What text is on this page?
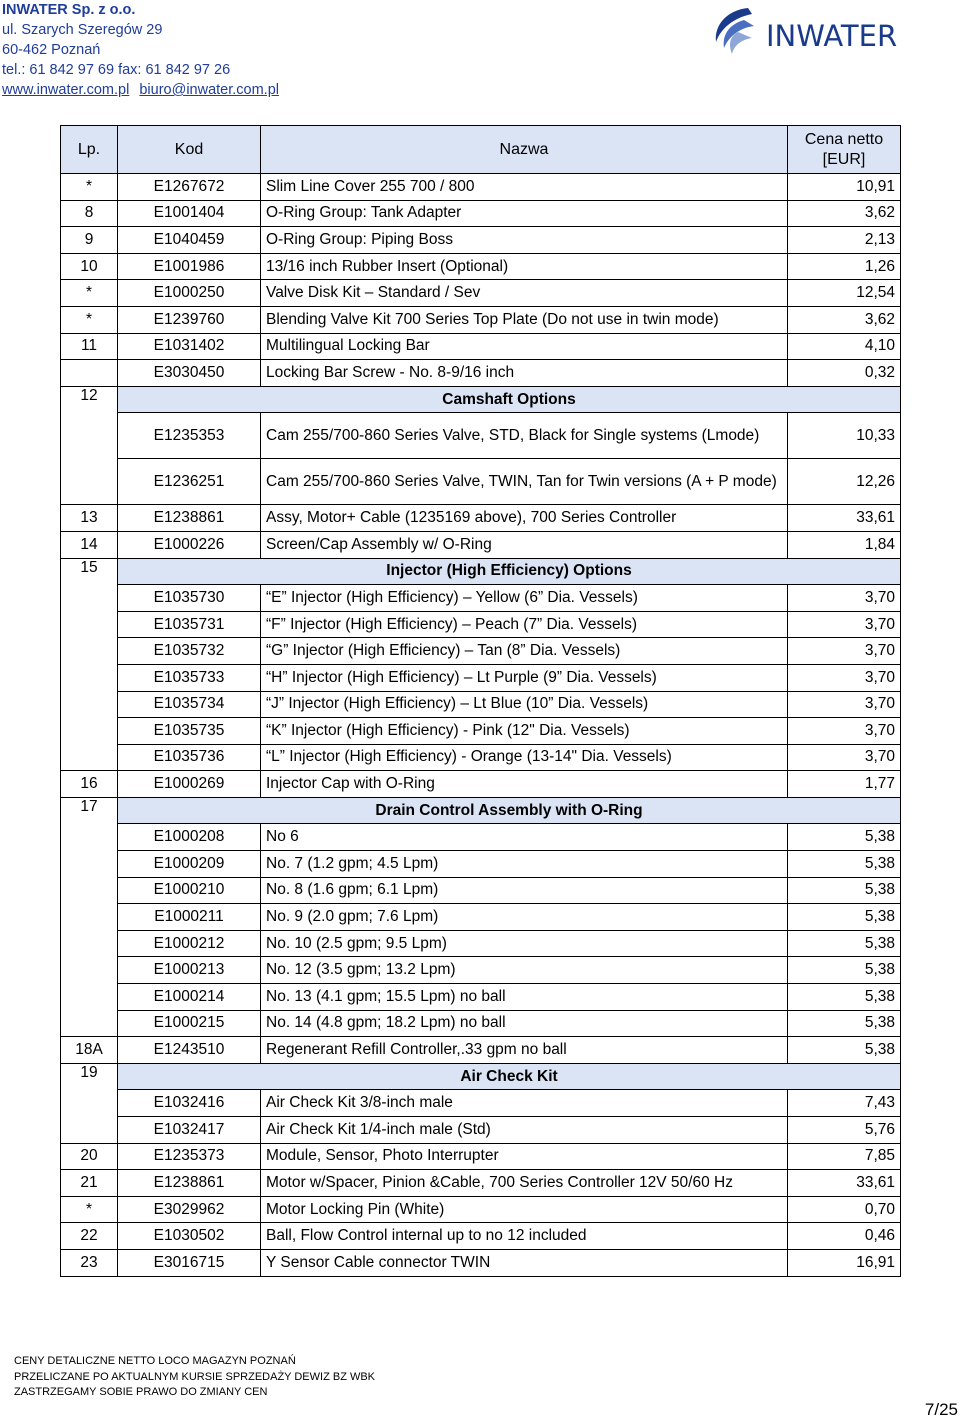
INWATER Sp. z o.o.
ul. Szarych Szeregów 29
60-462 Poznań
tel.: 61 842 97 69 fax: 61 842 97 26
www.inwater.com.pl biuro@inwater.com.pl
INWATER
Lp.	Kod	Nazwa	Cena netto [EUR]
*	E1267672	Slim Line Cover 255 700 / 800	10,91
8	E1001404	O-Ring Group: Tank Adapter	3,62
9	E1040459	O-Ring Group: Piping Boss	2,13
10	E1001986	13/16 inch Rubber Insert (Optional)	1,26
*	E1000250	Valve Disk Kit – Standard / Sev	12,54
*	E1239760	Blending Valve Kit 700 Series Top Plate (Do not use in twin mode)	3,62
11	E1031402	Multilingual Locking Bar	4,10
	E3030450	Locking Bar Screw - No. 8-9/16 inch	0,32
12	Camshaft Options		
	E1235353	Cam 255/700-860 Series Valve, STD, Black for Single systems (Lmode)	10,33
	E1236251	Cam 255/700-860 Series Valve, TWIN, Tan for Twin versions (A + P mode)	12,26
13	E1238861	Assy, Motor+ Cable (1235169 above), 700 Series Controller	33,61
14	E1000226	Screen/Cap Assembly w/ O-Ring	1,84
15	Injector (High Efficiency) Options		
	E1035730	“E” Injector (High Efficiency) – Yellow (6” Dia. Vessels)	3,70
	E1035731	“F” Injector (High Efficiency) – Peach (7” Dia. Vessels)	3,70
	E1035732	“G” Injector (High Efficiency) – Tan (8” Dia. Vessels)	3,70
	E1035733	“H” Injector (High Efficiency) – Lt Purple (9” Dia. Vessels)	3,70
	E1035734	“J” Injector (High Efficiency) – Lt Blue (10” Dia. Vessels)	3,70
	E1035735	“K” Injector (High Efficiency) - Pink (12" Dia. Vessels)	3,70
	E1035736	“L” Injector (High Efficiency) - Orange (13-14" Dia. Vessels)	3,70
16	E1000269	Injector Cap with O-Ring	1,77
17	Drain Control Assembly with O-Ring		
	E1000208	No 6	5,38
	E1000209	No. 7 (1.2 gpm; 4.5 Lpm)	5,38
	E1000210	No. 8 (1.6 gpm; 6.1 Lpm)	5,38
	E1000211	No. 9 (2.0 gpm; 7.6 Lpm)	5,38
	E1000212	No. 10 (2.5 gpm; 9.5 Lpm)	5,38
	E1000213	No. 12 (3.5 gpm; 13.2 Lpm)	5,38
	E1000214	No. 13 (4.1 gpm; 15.5 Lpm) no ball	5,38
	E1000215	No. 14 (4.8 gpm; 18.2 Lpm) no ball	5,38
18A	E1243510	Regenerant Refill Controller,.33 gpm no ball	5,38
19	Air Check Kit		
	E1032416	Air Check Kit 3/8-inch male	7,43
	E1032417	Air Check Kit 1/4-inch male (Std)	5,76
20	E1235373	Module, Sensor, Photo Interrupter	7,85
21	E1238861	Motor w/Spacer, Pinion &Cable, 700 Series Controller 12V 50/60 Hz	33,61
*	E3029962	Motor Locking Pin (White)	0,70
22	E1030502	Ball, Flow Control internal up to no 12 included	0,46
23	E3016715	Y Sensor Cable connector TWIN	16,91
CENY DETALICZNE NETTO LOCO MAGAZYN POZNAŃ
PRZELICZANE PO AKTUALNYM KURSIE SPRZEDAŻY DEWIZ BZ WBK
ZASTRZEGAMY SOBIE PRAWO DO ZMIANY CEN
7/25
